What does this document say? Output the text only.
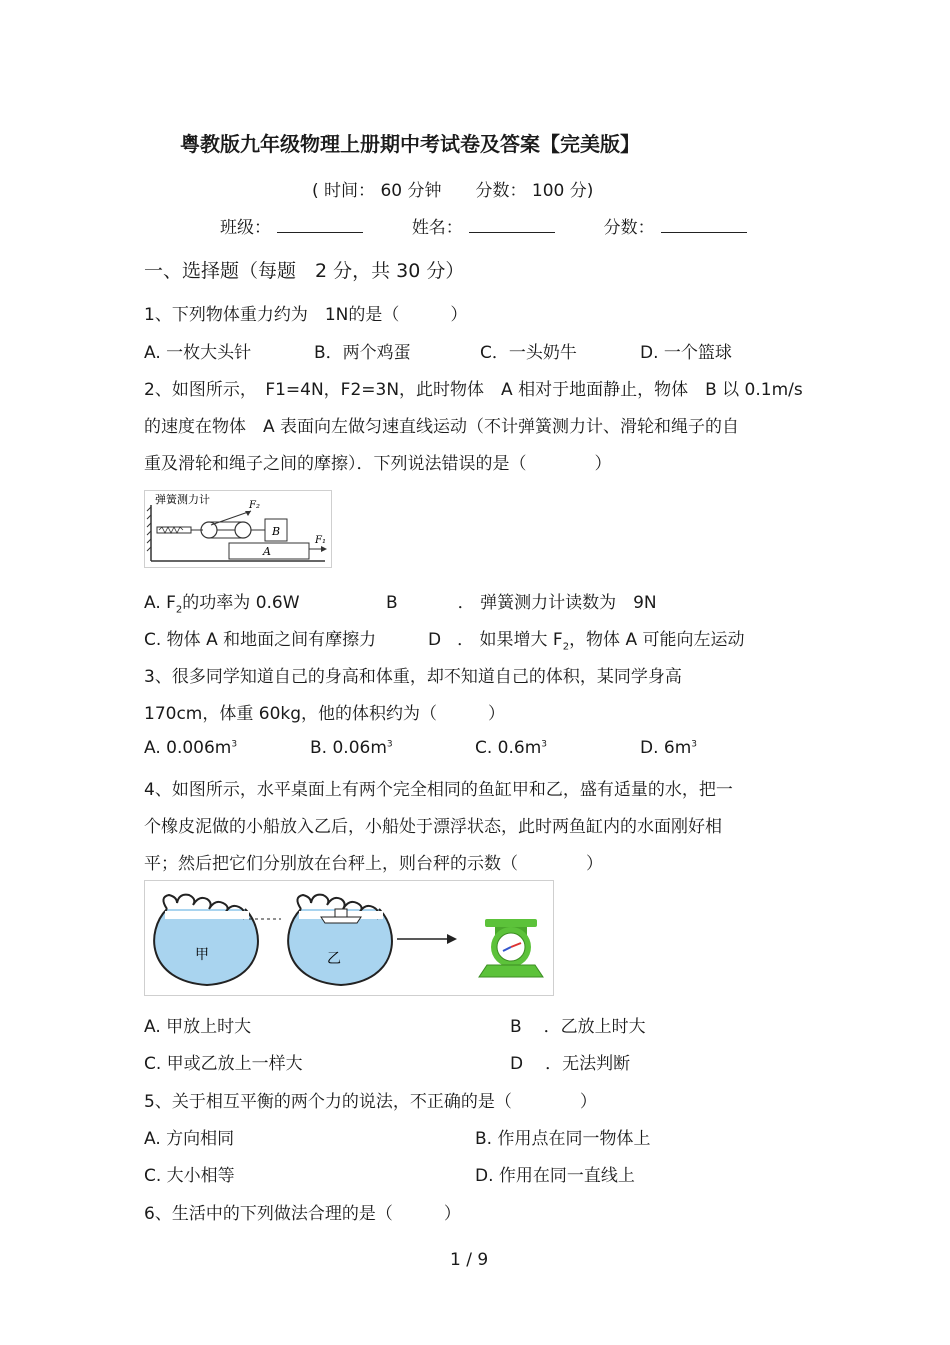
粤教版九年级物理上册期中考试卷及答案【完美版】
( 时间： 60 分钟　　分数： 100 分)
班级：	姓名：	分数：
一、选择题（每题　2 分，共 30 分）
1、下列物体重力约为　1N的是（　　　）
A. 一枚大头针	B．两个鸡蛋	C．一头奶牛	D. 一个篮球
2、如图所示，　F1=4N，F2=3N，此时物体　A 相对于地面静止，物体　B 以 0.1m/s
的速度在物体　A 表面向左做匀速直线运动（不计弹簧测力计、滑轮和绳子的自
重及滑轮和绳子之间的摩擦）．下列说法错误的是（　　　　）
弹簧测力计	F₂
B
A
F₁
A. $F_2$的功率为 0.6W	B	． 弹簧测力计读数为　9N
C. 物体 A 和地面之间有摩擦力	D ． 如果增大 $F_2$，物体 A 可能向左运动
3、很多同学知道自己的身高和体重，却不知道自己的体积，某同学身高
170cm，体重 60kg，他的体积约为（　　　）
A. $0.006m^3$	B. $0.06m^3$	C. $0.6m^3$	D. $6m^3$
4、如图所示，水平桌面上有两个完全相同的鱼缸甲和乙，盛有适量的水，把一
个橡皮泥做的小船放入乙后，小船处于漂浮状态，此时两鱼缸内的水面刚好相
平；然后把它们分别放在台秤上，则台秤的示数（　　　　）
甲	乙
A. 甲放上时大	B ．乙放上时大
C. 甲或乙放上一样大	D ．无法判断
5、关于相互平衡的两个力的说法，不正确的是（　　　　）
A. 方向相同	B. 作用点在同一物体上
C. 大小相等	D. 作用在同一直线上
6、生活中的下列做法合理的是（　　　）
1 / 9
